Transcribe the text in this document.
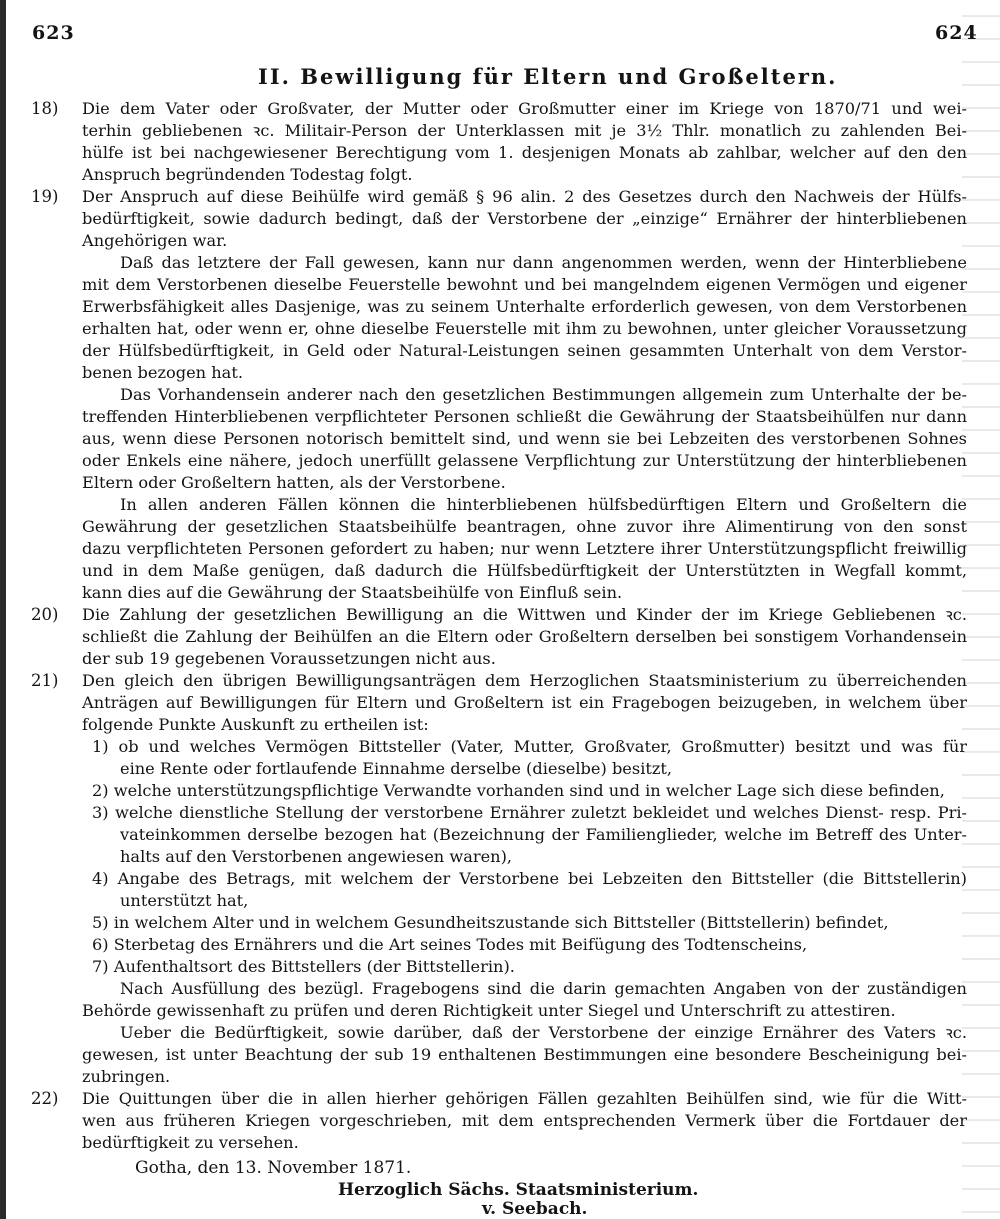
623	624
II. Bewilligung für Eltern und Großeltern.
18) Die dem Vater oder Großvater, der Mutter oder Großmutter einer im Kriege von 1870/71 und wei-
terhin gebliebenen ꝛc. Militair-Person der Unterklassen mit je 3½ Thlr. monatlich zu zahlenden Bei-
hülfe ist bei nachgewiesener Berechtigung vom 1. desjenigen Monats ab zahlbar, welcher auf den den
Anspruch begründenden Todestag folgt.
19) Der Anspruch auf diese Beihülfe wird gemäß § 96 alin. 2 des Gesetzes durch den Nachweis der Hülfs-
bedürftigkeit, sowie dadurch bedingt, daß der Verstorbene der „einzige“ Ernährer der hinterbliebenen
Angehörigen war.
Daß das letztere der Fall gewesen, kann nur dann angenommen werden, wenn der Hinterbliebene
mit dem Verstorbenen dieselbe Feuerstelle bewohnt und bei mangelndem eigenen Vermögen und eigener
Erwerbsfähigkeit alles Dasjenige, was zu seinem Unterhalte erforderlich gewesen, von dem Verstorbenen
erhalten hat, oder wenn er, ohne dieselbe Feuerstelle mit ihm zu bewohnen, unter gleicher Voraussetzung
der Hülfsbedürftigkeit, in Geld oder Natural-Leistungen seinen gesammten Unterhalt von dem Verstor-
benen bezogen hat.
Das Vorhandensein anderer nach den gesetzlichen Bestimmungen allgemein zum Unterhalte der be-
treffenden Hinterbliebenen verpflichteter Personen schließt die Gewährung der Staatsbeihülfen nur dann
aus, wenn diese Personen notorisch bemittelt sind, und wenn sie bei Lebzeiten des verstorbenen Sohnes
oder Enkels eine nähere, jedoch unerfüllt gelassene Verpflichtung zur Unterstützung der hinterbliebenen
Eltern oder Großeltern hatten, als der Verstorbene.
In allen anderen Fällen können die hinterbliebenen hülfsbedürftigen Eltern und Großeltern die
Gewährung der gesetzlichen Staatsbeihülfe beantragen, ohne zuvor ihre Alimentirung von den sonst
dazu verpflichteten Personen gefordert zu haben; nur wenn Letztere ihrer Unterstützungspflicht freiwillig
und in dem Maße genügen, daß dadurch die Hülfsbedürftigkeit der Unterstützten in Wegfall kommt,
kann dies auf die Gewährung der Staatsbeihülfe von Einfluß sein.
20) Die Zahlung der gesetzlichen Bewilligung an die Wittwen und Kinder der im Kriege Gebliebenen ꝛc.
schließt die Zahlung der Beihülfen an die Eltern oder Großeltern derselben bei sonstigem Vorhandensein
der sub 19 gegebenen Voraussetzungen nicht aus.
21) Den gleich den übrigen Bewilligungsanträgen dem Herzoglichen Staatsministerium zu überreichenden
Anträgen auf Bewilligungen für Eltern und Großeltern ist ein Fragebogen beizugeben, in welchem über
folgende Punkte Auskunft zu ertheilen ist:
1) ob und welches Vermögen Bittsteller (Vater, Mutter, Großvater, Großmutter) besitzt und was für
eine Rente oder fortlaufende Einnahme derselbe (dieselbe) besitzt,
2) welche unterstützungspflichtige Verwandte vorhanden sind und in welcher Lage sich diese befinden,
3) welche dienstliche Stellung der verstorbene Ernährer zuletzt bekleidet und welches Dienst- resp. Pri-
vateinkommen derselbe bezogen hat (Bezeichnung der Familienglieder, welche im Betreff des Unter-
halts auf den Verstorbenen angewiesen waren),
4) Angabe des Betrags, mit welchem der Verstorbene bei Lebzeiten den Bittsteller (die Bittstellerin)
unterstützt hat,
5) in welchem Alter und in welchem Gesundheitszustande sich Bittsteller (Bittstellerin) befindet,
6) Sterbetag des Ernährers und die Art seines Todes mit Beifügung des Todtenscheins,
7) Aufenthaltsort des Bittstellers (der Bittstellerin).
Nach Ausfüllung des bezügl. Fragebogens sind die darin gemachten Angaben von der zuständigen
Behörde gewissenhaft zu prüfen und deren Richtigkeit unter Siegel und Unterschrift zu attestiren.
Ueber die Bedürftigkeit, sowie darüber, daß der Verstorbene der einzige Ernährer des Vaters ꝛc.
gewesen, ist unter Beachtung der sub 19 enthaltenen Bestimmungen eine besondere Bescheinigung bei-
zubringen.
22) Die Quittungen über die in allen hierher gehörigen Fällen gezahlten Beihülfen sind, wie für die Witt-
wen aus früheren Kriegen vorgeschrieben, mit dem entsprechenden Vermerk über die Fortdauer der
bedürftigkeit zu versehen.
Gotha, den 13. November 1871.
Herzoglich Sächs. Staatsministerium.
v. Seebach.
